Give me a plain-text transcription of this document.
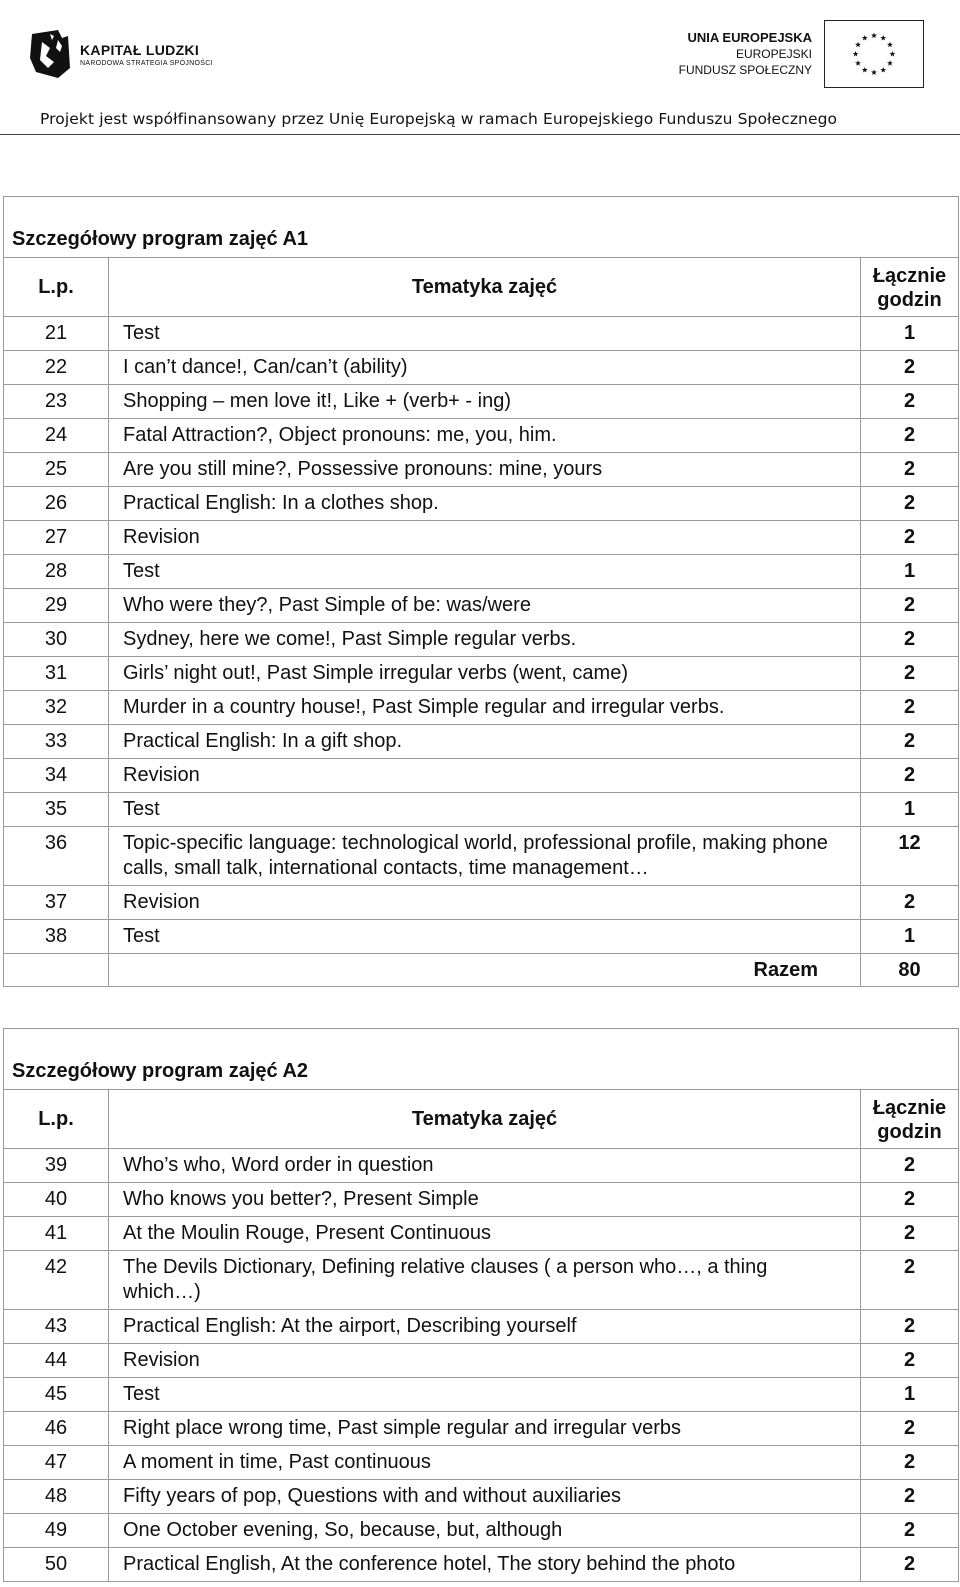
KAPITAŁ LUDZKI
NARODOWA STRATEGIA SPÓJNOŚCI
UNIA EUROPEJSKA
EUROPEJSKI
FUNDUSZ SPOŁECZNY
Projekt jest współfinansowany przez Unię Europejską w ramach Europejskiego Funduszu Społecznego
Szczegółowy program zajęć A1		
L.p.	Tematyka zajęć	Łącznie
godzin

21	Test	1
22	I can’t dance!, Can/can’t (ability)	2
23	Shopping – men love it!, Like + (verb+ - ing)	2
24	Fatal Attraction?, Object pronouns: me, you, him.	2
25	Are you still mine?, Possessive pronouns: mine, yours	2
26	Practical English: In a clothes shop.	2
27	Revision	2
28	Test	1
29	Who were they?, Past Simple of be: was/were	2
30	Sydney, here we come!, Past Simple regular verbs.	2
31	Girls’ night out!, Past Simple irregular verbs (went, came)	2
32	Murder in a country house!, Past Simple regular and irregular verbs.	2
33	Practical English: In a gift shop.	2
34	Revision	2
35	Test	1
36	Topic-specific language: technological world, professional profile, making phone calls, small talk, international contacts, time management…	12
37	Revision	2
38	Test	1
	Razem	80
Szczegółowy program zajęć A2		
L.p.	Tematyka zajęć	Łącznie
godzin

39	Who’s who, Word order in question	2
40	Who knows you better?, Present Simple	2
41	At the Moulin Rouge, Present Continuous	2
42	The Devils Dictionary, Defining relative clauses ( a person who…, a thing which…)	2
43	Practical English: At the airport, Describing yourself	2
44	Revision	2
45	Test	1
46	Right place wrong time, Past simple regular and irregular verbs	2
47	A moment in time, Past continuous	2
48	Fifty years of pop, Questions with and without auxiliaries	2
49	One October evening, So, because, but, although	2
50	Practical English, At the conference hotel, The story behind the photo	2
